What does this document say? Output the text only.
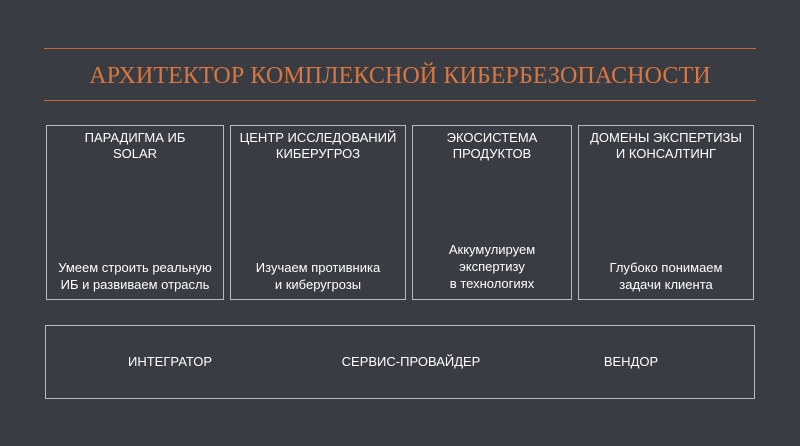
АРХИТЕКТОР КОМПЛЕКСНОЙ КИБЕРБЕЗОПАСНОСТИ
ПАРАДИГМА ИБ
SOLAR
Умеем строить реальную
ИБ и развиваем отрасль
ЦЕНТР ИССЛЕДОВАНИЙ
КИБЕРУГРОЗ
Изучаем противника
и киберугрозы
ЭКОСИСТЕМА
ПРОДУКТОВ
Аккумулируем
экспертизу
в технологиях
ДОМЕНЫ ЭКСПЕРТИЗЫ
И КОНСАЛТИНГ
Глубоко понимаем
задачи клиента
ИНТЕГРАТОР	СЕРВИС-ПРОВАЙДЕР	ВЕНДОР
